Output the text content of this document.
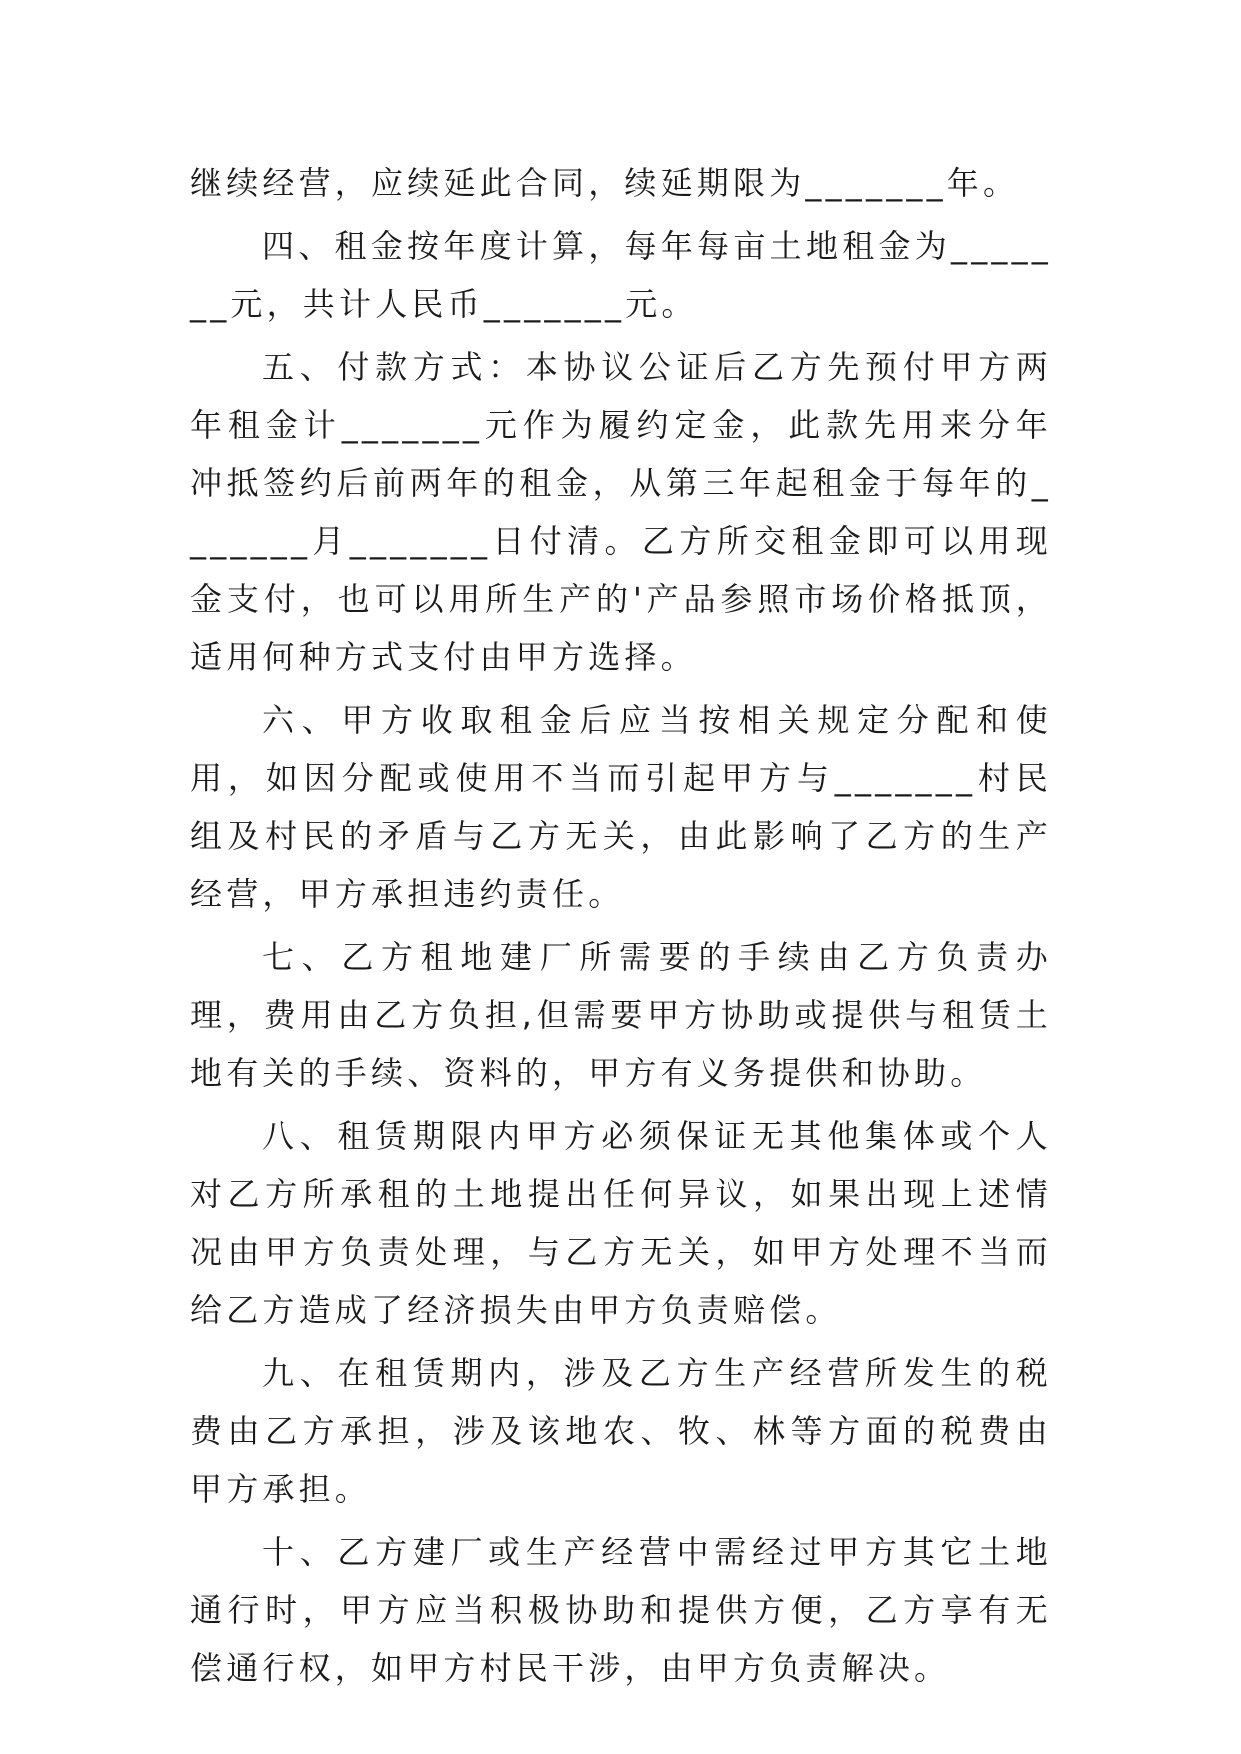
继续经营，应续延此合同，续延期限为_______年。

四、租金按年度计算，每年每亩土地租金为_______元，共计人民币_______元。

五、付款方式：本协议公证后乙方先预付甲方两年租金计_______元作为履约定金，此款先用来分年冲抵签约后前两年的租金，从第三年起租金于每年的_______月_______日付清。乙方所交租金即可以用现金支付，也可以用所生产的'产品参照市场价格抵顶，适用何种方式支付由甲方选择。

六、甲方收取租金后应当按相关规定分配和使用，如因分配或使用不当而引起甲方与_______村民组及村民的矛盾与乙方无关，由此影响了乙方的生产经营，甲方承担违约责任。

七、乙方租地建厂所需要的手续由乙方负责办理，费用由乙方负担,但需要甲方协助或提供与租赁土地有关的手续、资料的，甲方有义务提供和协助。

八、租赁期限内甲方必须保证无其他集体或个人对乙方所承租的土地提出任何异议，如果出现上述情况由甲方负责处理，与乙方无关，如甲方处理不当而给乙方造成了经济损失由甲方负责赔偿。

九、在租赁期内，涉及乙方生产经营所发生的税费由乙方承担，涉及该地农、牧、林等方面的税费由甲方承担。

十、乙方建厂或生产经营中需经过甲方其它土地通行时，甲方应当积极协助和提供方便，乙方享有无偿通行权，如甲方村民干涉，由甲方负责解决。
